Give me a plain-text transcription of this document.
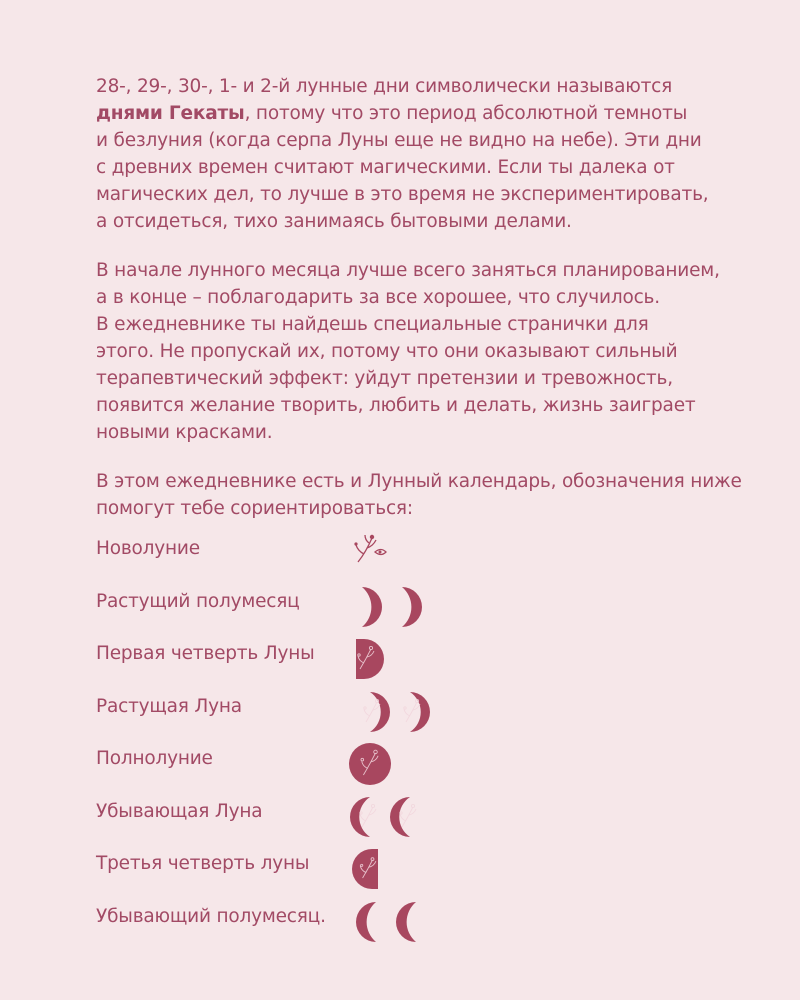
28-, 29-, 30-, 1- и 2-й лунные дни символически называются
днями Гекаты, потому что это период абсолютной темноты
и безлуния (когда серпа Луны еще не видно на небе). Эти дни
с древних времен считают магическими. Если ты далека от
магических дел, то лучше в это время не экспериментировать,
а отсидеться, тихо занимаясь бытовыми делами.

В начале лунного месяца лучше всего заняться планированием,
а в конце – поблагодарить за все хорошее, что случилось.
В ежедневнике ты найдешь специальные странички для
этого. Не пропускай их, потому что они оказывают сильный
терапевтический эффект: уйдут претензии и тревожность,
появится желание творить, любить и делать, жизнь заиграет
новыми красками.

В этом ежедневнике есть и Лунный календарь, обозначения ниже
помогут тебе сориентироваться:

Новолуние
Растущий полумесяц
Первая четверть Луны
Растущая Луна
Полнолуние
Убывающая Луна
Третья четверть луны
Убывающий полумесяц.
